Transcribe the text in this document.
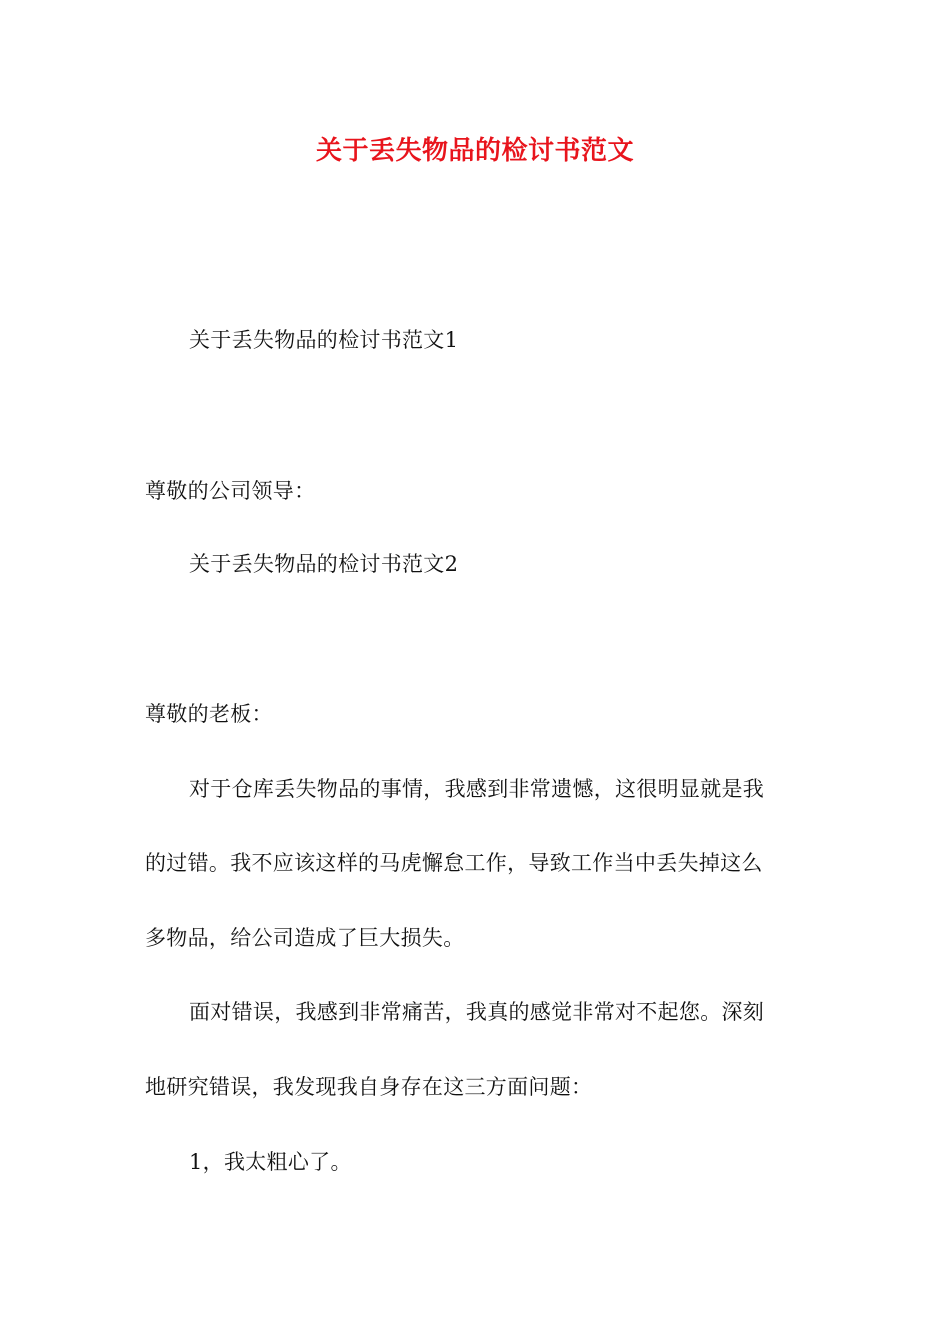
关于丢失物品的检讨书范文
关于丢失物品的检讨书范文1
尊敬的公司领导：
关于丢失物品的检讨书范文2
尊敬的老板：
对于仓库丢失物品的事情，我感到非常遗憾，这很明显就是我
的过错。我不应该这样的马虎懈怠工作，导致工作当中丢失掉这么
多物品，给公司造成了巨大损失。
面对错误，我感到非常痛苦，我真的感觉非常对不起您。深刻
地研究错误，我发现我自身存在这三方面问题：
1，我太粗心了。
